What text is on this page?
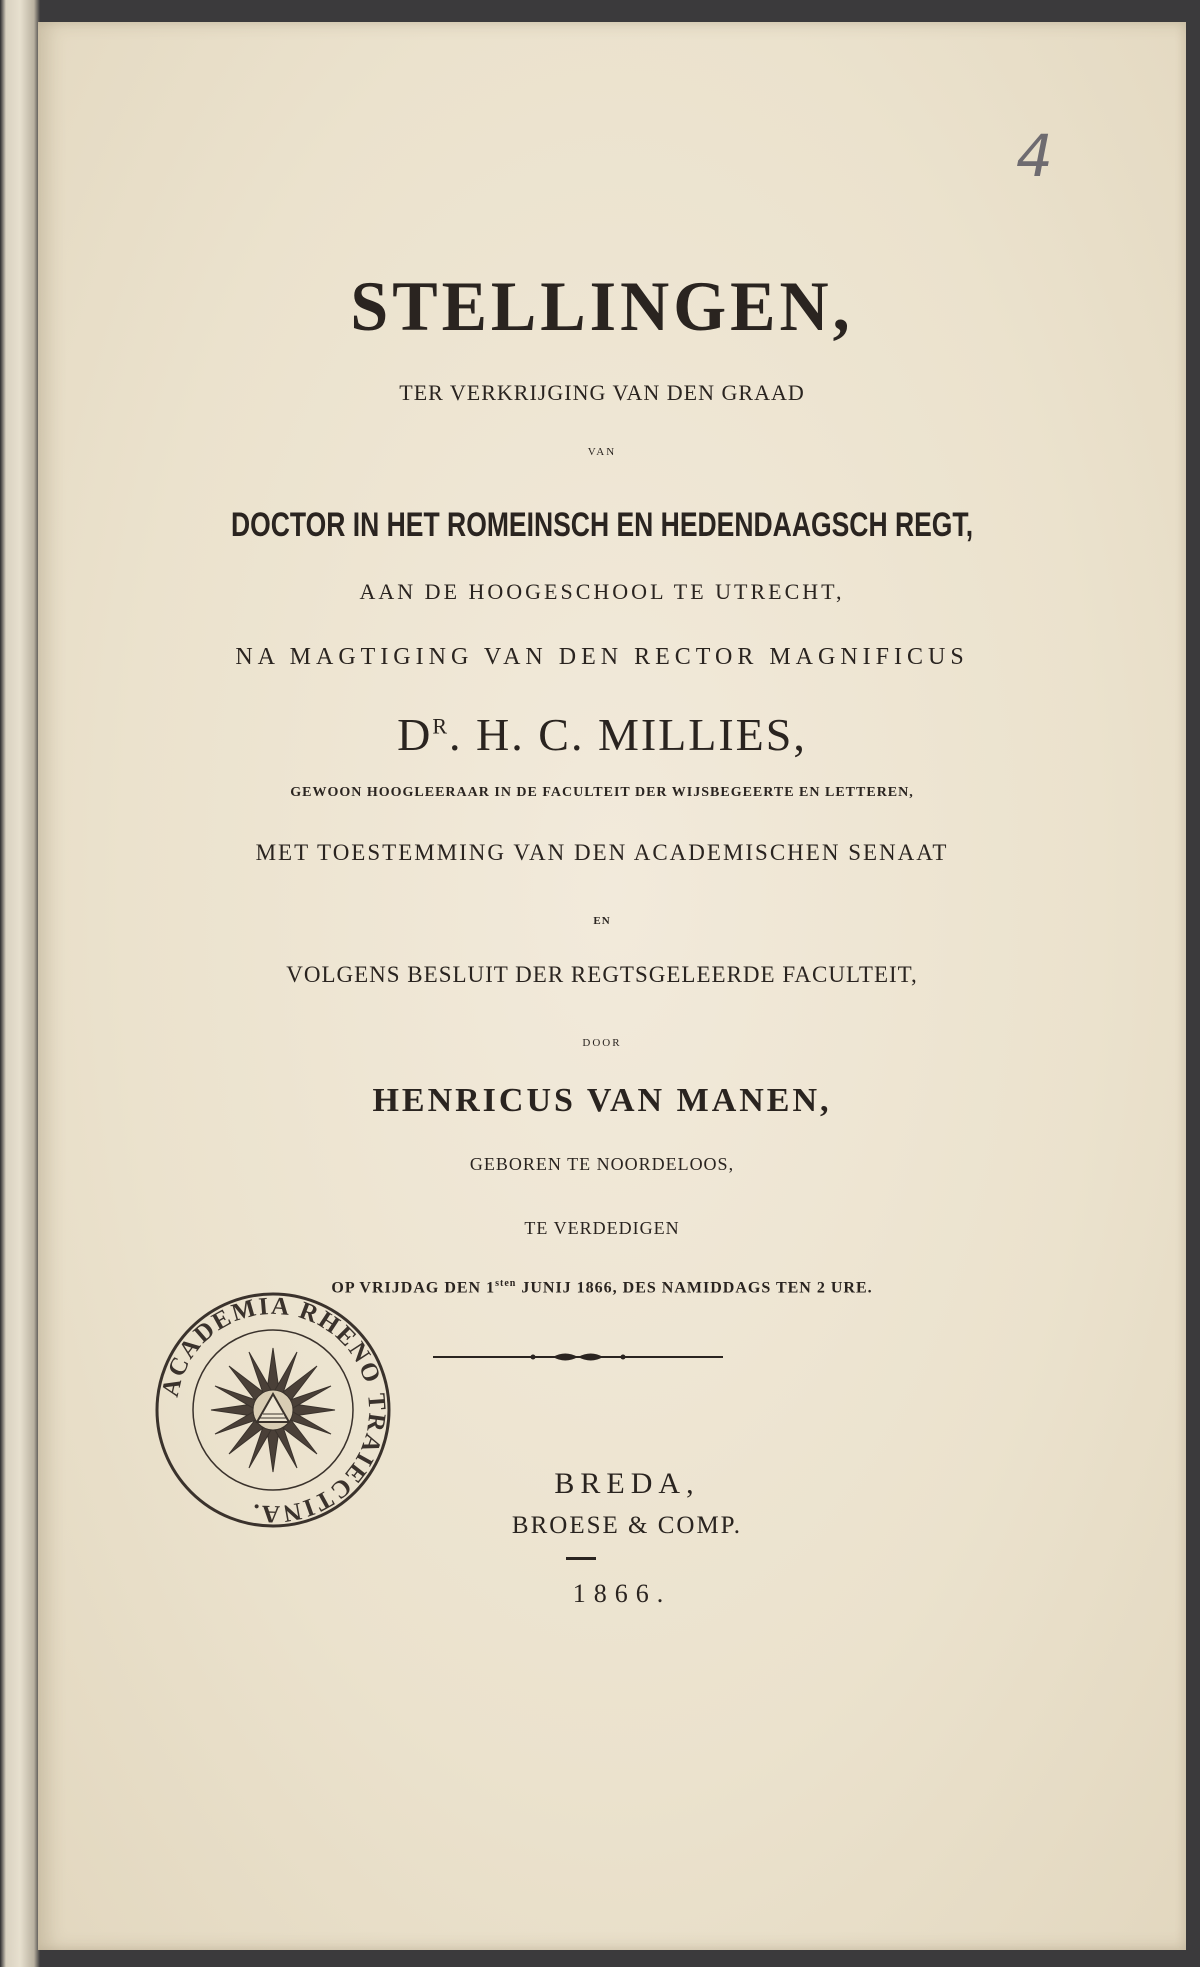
4
STELLINGEN,
TER VERKRIJGING VAN DEN GRAAD
VAN
DOCTOR IN HET ROMEINSCH EN HEDENDAAGSCH REGT,
AAN DE HOOGESCHOOL TE UTRECHT,
NA MAGTIGING VAN DEN RECTOR MAGNIFICUS
$D^R$. H. C. MILLIES,
GEWOON HOOGLEERAAR IN DE FACULTEIT DER WIJSBEGEERTE EN LETTEREN,
MET TOESTEMMING VAN DEN ACADEMISCHEN SENAAT
EN
VOLGENS BESLUIT DER REGTSGELEERDE FACULTEIT,
DOOR
HENRICUS VAN MANEN,
GEBOREN TE NOORDELOOS,
TE VERDEDIGEN
OP VRIJDAG DEN $1^{sten}$ JUNIJ 1866, DES NAMIDDAGS TEN 2 URE.
ACADEMIA RHENO TRAIECTINA.
BREDA,
BROESE & COMP.
1866.
